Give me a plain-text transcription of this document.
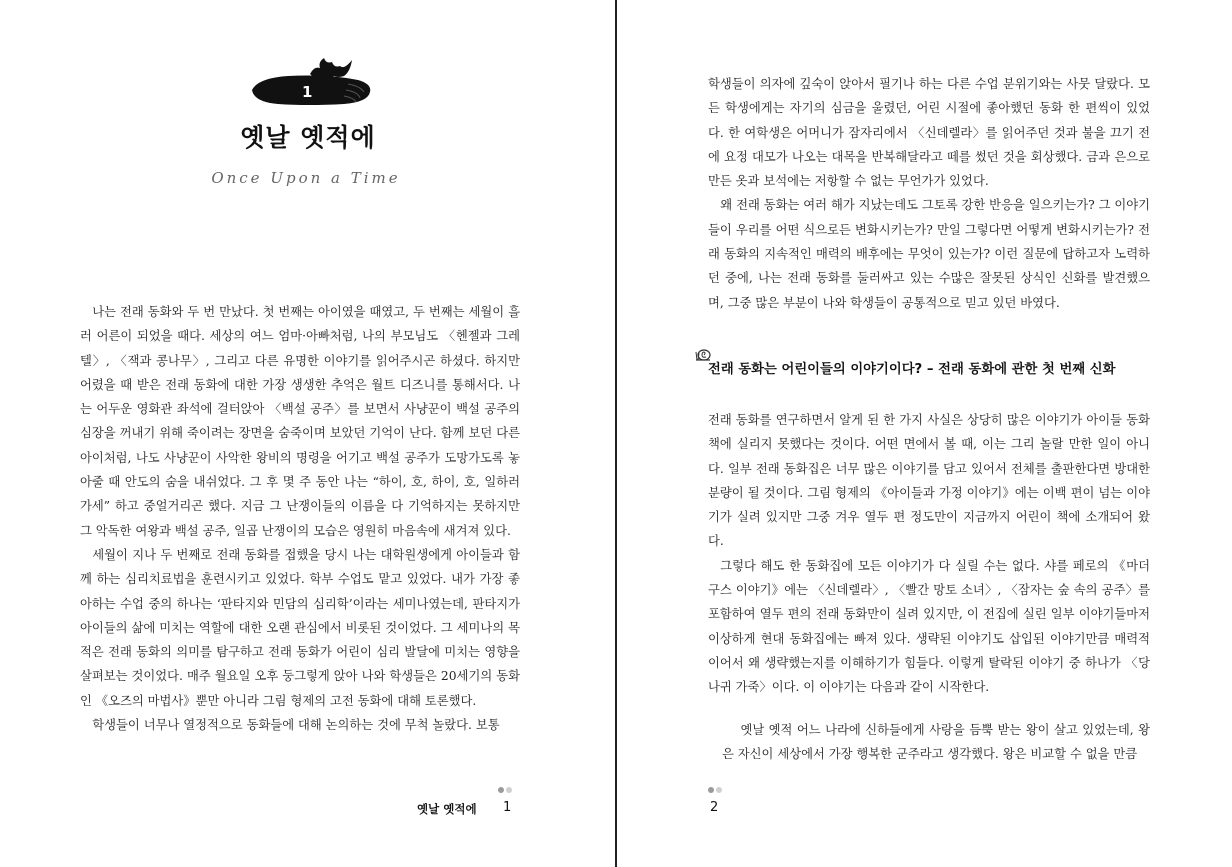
1
옛날 옛적에
Once Upon a Time

나는 전래 동화와 두 번 만났다. 첫 번째는 아이였을 때였고, 두 번째는 세월이 흘러 어른이 되었을 때다. 세상의 여느 엄마·아빠처럼, 나의 부모님도 〈헨젤과 그레텔〉, 〈잭과 콩나무〉, 그리고 다른 유명한 이야기를 읽어주시곤 하셨다. 하지만 어렸을 때 받은 전래 동화에 대한 가장 생생한 추억은 월트 디즈니를 통해서다. 나는 어두운 영화관 좌석에 걸터앉아 〈백설 공주〉를 보면서 사냥꾼이 백설 공주의 심장을 꺼내기 위해 죽이려는 장면을 숨죽이며 보았던 기억이 난다. 함께 보던 다른 아이처럼, 나도 사냥꾼이 사악한 왕비의 명령을 어기고 백설 공주가 도망가도록 놓아줄 때 안도의 숨을 내쉬었다. 그 후 몇 주 동안 나는 “하이, 호, 하이, 호, 일하러 가세” 하고 중얼거리곤 했다. 지금 그 난쟁이들의 이름을 다 기억하지는 못하지만 그 악독한 여왕과 백설 공주, 일곱 난쟁이의 모습은 영원히 마음속에 새겨져 있다.

세월이 지나 두 번째로 전래 동화를 접했을 당시 나는 대학원생에게 아이들과 함께 하는 심리치료법을 훈련시키고 있었다. 학부 수업도 맡고 있었다. 내가 가장 좋아하는 수업 중의 하나는 ‘판타지와 민담의 심리학’이라는 세미나였는데, 판타지가 아이들의 삶에 미치는 역할에 대한 오랜 관심에서 비롯된 것이었다. 그 세미나의 목적은 전래 동화의 의미를 탐구하고 전래 동화가 어린이 심리 발달에 미치는 영향을 살펴보는 것이었다. 매주 월요일 오후 둥그렇게 앉아 나와 학생들은 20세기의 동화인 《오즈의 마법사》뿐만 아니라 그림 형제의 고전 동화에 대해 토론했다.

학생들이 너무나 열정적으로 동화들에 대해 논의하는 것에 무척 놀랐다. 보통

옛날 옛적에 1

학생들이 의자에 깊숙이 앉아서 필기나 하는 다른 수업 분위기와는 사뭇 달랐다. 모든 학생에게는 자기의 심금을 울렸던, 어린 시절에 좋아했던 동화 한 편씩이 있었다. 한 여학생은 어머니가 잠자리에서 〈신데렐라〉를 읽어주던 것과 불을 끄기 전에 요정 대모가 나오는 대목을 반복해달라고 떼를 썼던 것을 회상했다. 금과 은으로 만든 옷과 보석에는 저항할 수 없는 무언가가 있었다.

왜 전래 동화는 여러 해가 지났는데도 그토록 강한 반응을 일으키는가? 그 이야기들이 우리를 어떤 식으로든 변화시키는가? 만일 그렇다면 어떻게 변화시키는가? 전래 동화의 지속적인 매력의 배후에는 무엇이 있는가? 이런 질문에 답하고자 노력하던 중에, 나는 전래 동화를 둘러싸고 있는 수많은 잘못된 상식인 신화를 발견했으며, 그중 많은 부분이 나와 학생들이 공통적으로 믿고 있던 바였다.

전래 동화는 어린이들의 이야기이다? – 전래 동화에 관한 첫 번째 신화

전래 동화를 연구하면서 알게 된 한 가지 사실은 상당히 많은 이야기가 아이들 동화책에 실리지 못했다는 것이다. 어떤 면에서 볼 때, 이는 그리 놀랄 만한 일이 아니다. 일부 전래 동화집은 너무 많은 이야기를 담고 있어서 전체를 출판한다면 방대한 분량이 될 것이다. 그림 형제의 《아이들과 가정 이야기》에는 이백 편이 넘는 이야기가 실려 있지만 그중 겨우 열두 편 정도만이 지금까지 어린이 책에 소개되어 왔다.

그렇다 해도 한 동화집에 모든 이야기가 다 실릴 수는 없다. 샤를 페로의 《마더 구스 이야기》에는 〈신데렐라〉, 〈빨간 망토 소녀〉, 〈잠자는 숲 속의 공주〉를 포함하여 열두 편의 전래 동화만이 실려 있지만, 이 전집에 실린 일부 이야기들마저 이상하게 현대 동화집에는 빠져 있다. 생략된 이야기도 삽입된 이야기만큼 매력적이어서 왜 생략했는지를 이해하기가 힘들다. 이렇게 탈락된 이야기 중 하나가 〈당나귀 가죽〉이다. 이 이야기는 다음과 같이 시작한다.

옛날 옛적 어느 나라에 신하들에게 사랑을 듬뿍 받는 왕이 살고 있었는데, 왕은 자신이 세상에서 가장 행복한 군주라고 생각했다. 왕은 비교할 수 없을 만큼

2
